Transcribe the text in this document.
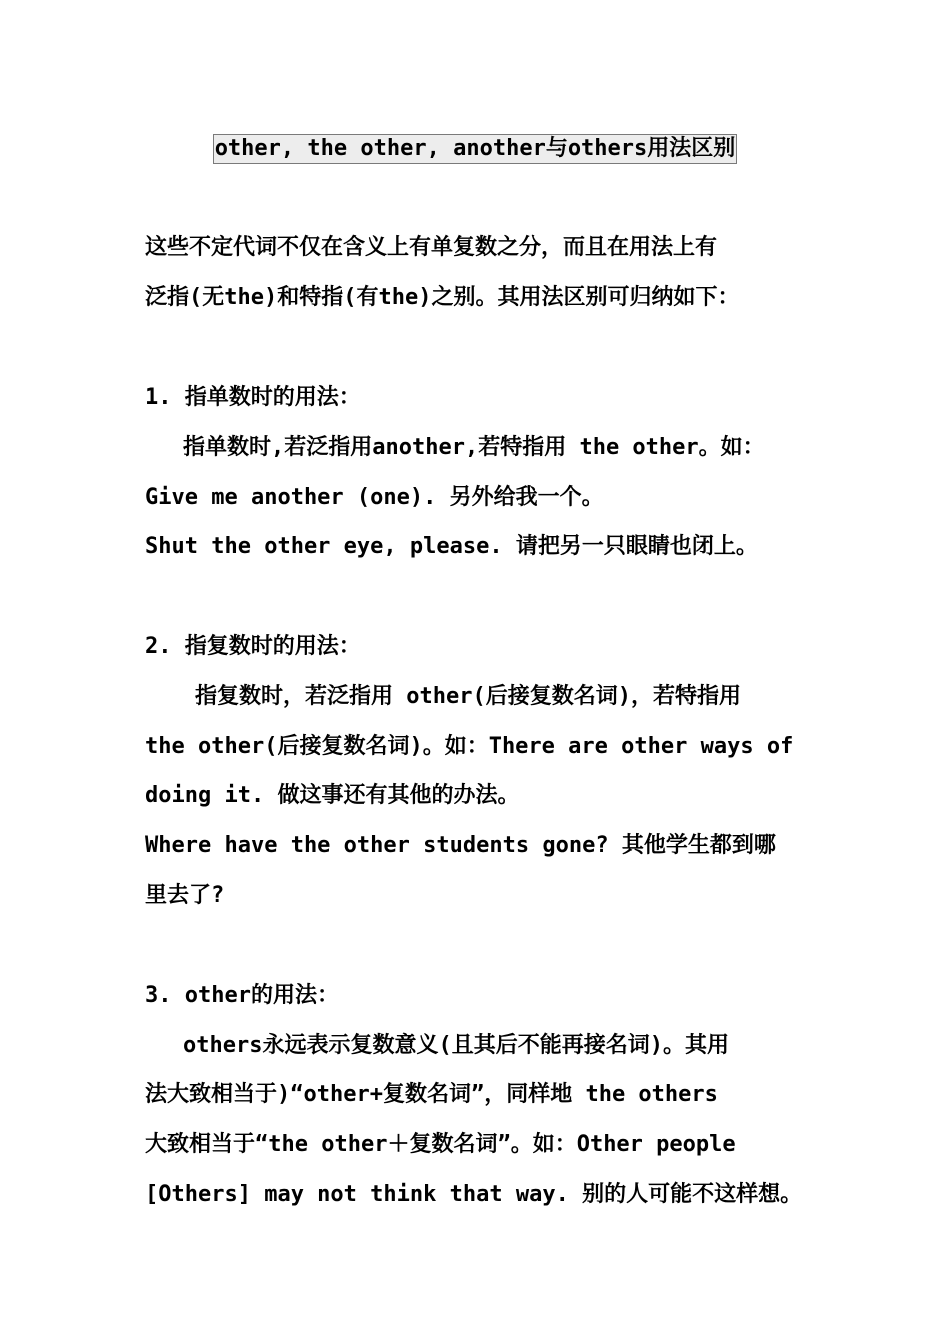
other, the other, another与others用法区别
这些不定代词不仅在含义上有单复数之分，而且在用法上有
泛指(无the)和特指(有the)之别。其用法区别可归纳如下：
1. 指单数时的用法：
指单数时,若泛指用another,若特指用 the other。如：
Give me another (one). 另外给我一个。
Shut the other eye, please. 请把另一只眼睛也闭上。
2. 指复数时的用法：
指复数时，若泛指用 other(后接复数名词)，若特指用
the other(后接复数名词)。如：There are other ways of
doing it. 做这事还有其他的办法。
Where have the other students gone? 其他学生都到哪
里去了?
3. other的用法：
others永远表示复数意义(且其后不能再接名词)。其用
法大致相当于)“other+复数名词”，同样地 the others
大致相当于“the other＋复数名词”。如：Other people
[Others] may not think that way. 别的人可能不这样想。
